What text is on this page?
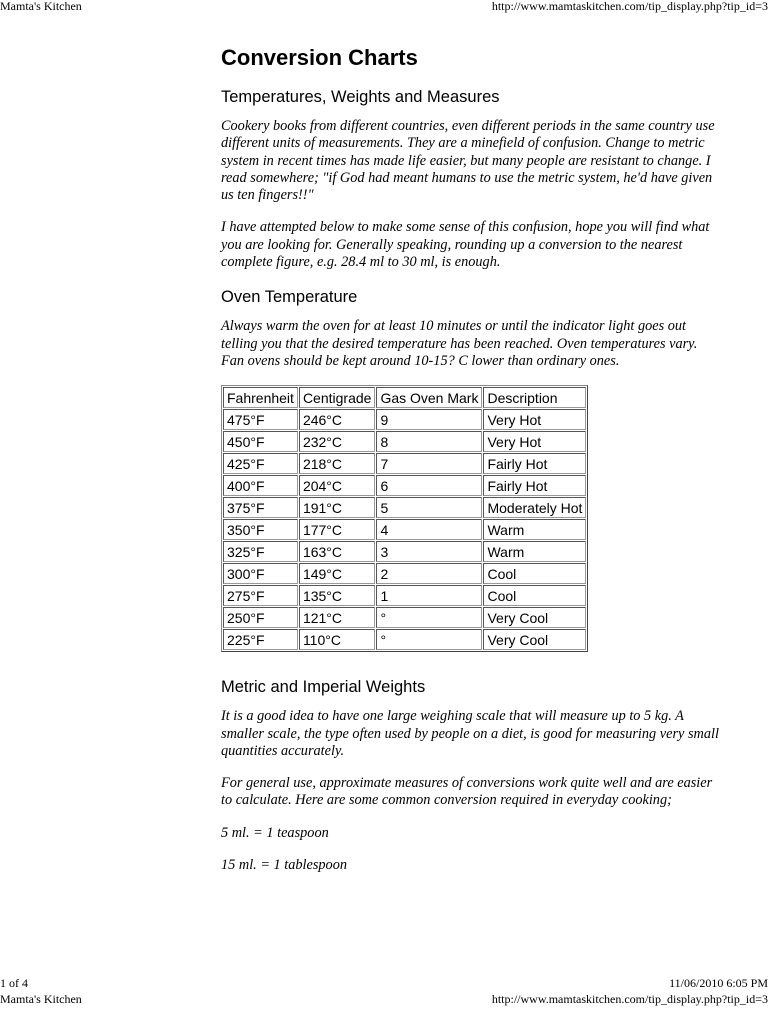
Mamta's Kitchen	http://www.mamtaskitchen.com/tip_display.php?tip_id=3
Conversion Charts
Temperatures, Weights and Measures

Cookery books from different countries, even different periods in the same country use different units of measurements. They are a minefield of confusion. Change to metric system in recent times has made life easier, but many people are resistant to change. I read somewhere; "if God had meant humans to use the metric system, he'd have given us ten fingers!!"

I have attempted below to make some sense of this confusion, hope you will find what you are looking for. Generally speaking, rounding up a conversion to the nearest complete figure, e.g. 28.4 ml to 30 ml, is enough.

Oven Temperature

Always warm the oven for at least 10 minutes or until the indicator light goes out telling you that the desired temperature has been reached. Oven temperatures vary. Fan ovens should be kept around 10-15? C lower than ordinary ones.

Fahrenheit	Centigrade	Gas Oven Mark	Description
475°F	246°C	9	Very Hot
450°F	232°C	8	Very Hot
425°F	218°C	7	Fairly Hot
400°F	204°C	6	Fairly Hot
375°F	191°C	5	Moderately Hot
350°F	177°C	4	Warm
325°F	163°C	3	Warm
300°F	149°C	2	Cool
275°F	135°C	1	Cool
250°F	121°C	°	Very Cool
225°F	110°C	°	Very Cool
Metric and Imperial Weights

It is a good idea to have one large weighing scale that will measure up to 5 kg. A smaller scale, the type often used by people on a diet, is good for measuring very small quantities accurately.

For general use, approximate measures of conversions work quite well and are easier to calculate. Here are some common conversion required in everyday cooking;

5 ml. = 1 teaspoon

15 ml. = 1 tablespoon

1 of 4	11/06/2010 6:05 PM
Mamta's Kitchen	http://www.mamtaskitchen.com/tip_display.php?tip_id=3
